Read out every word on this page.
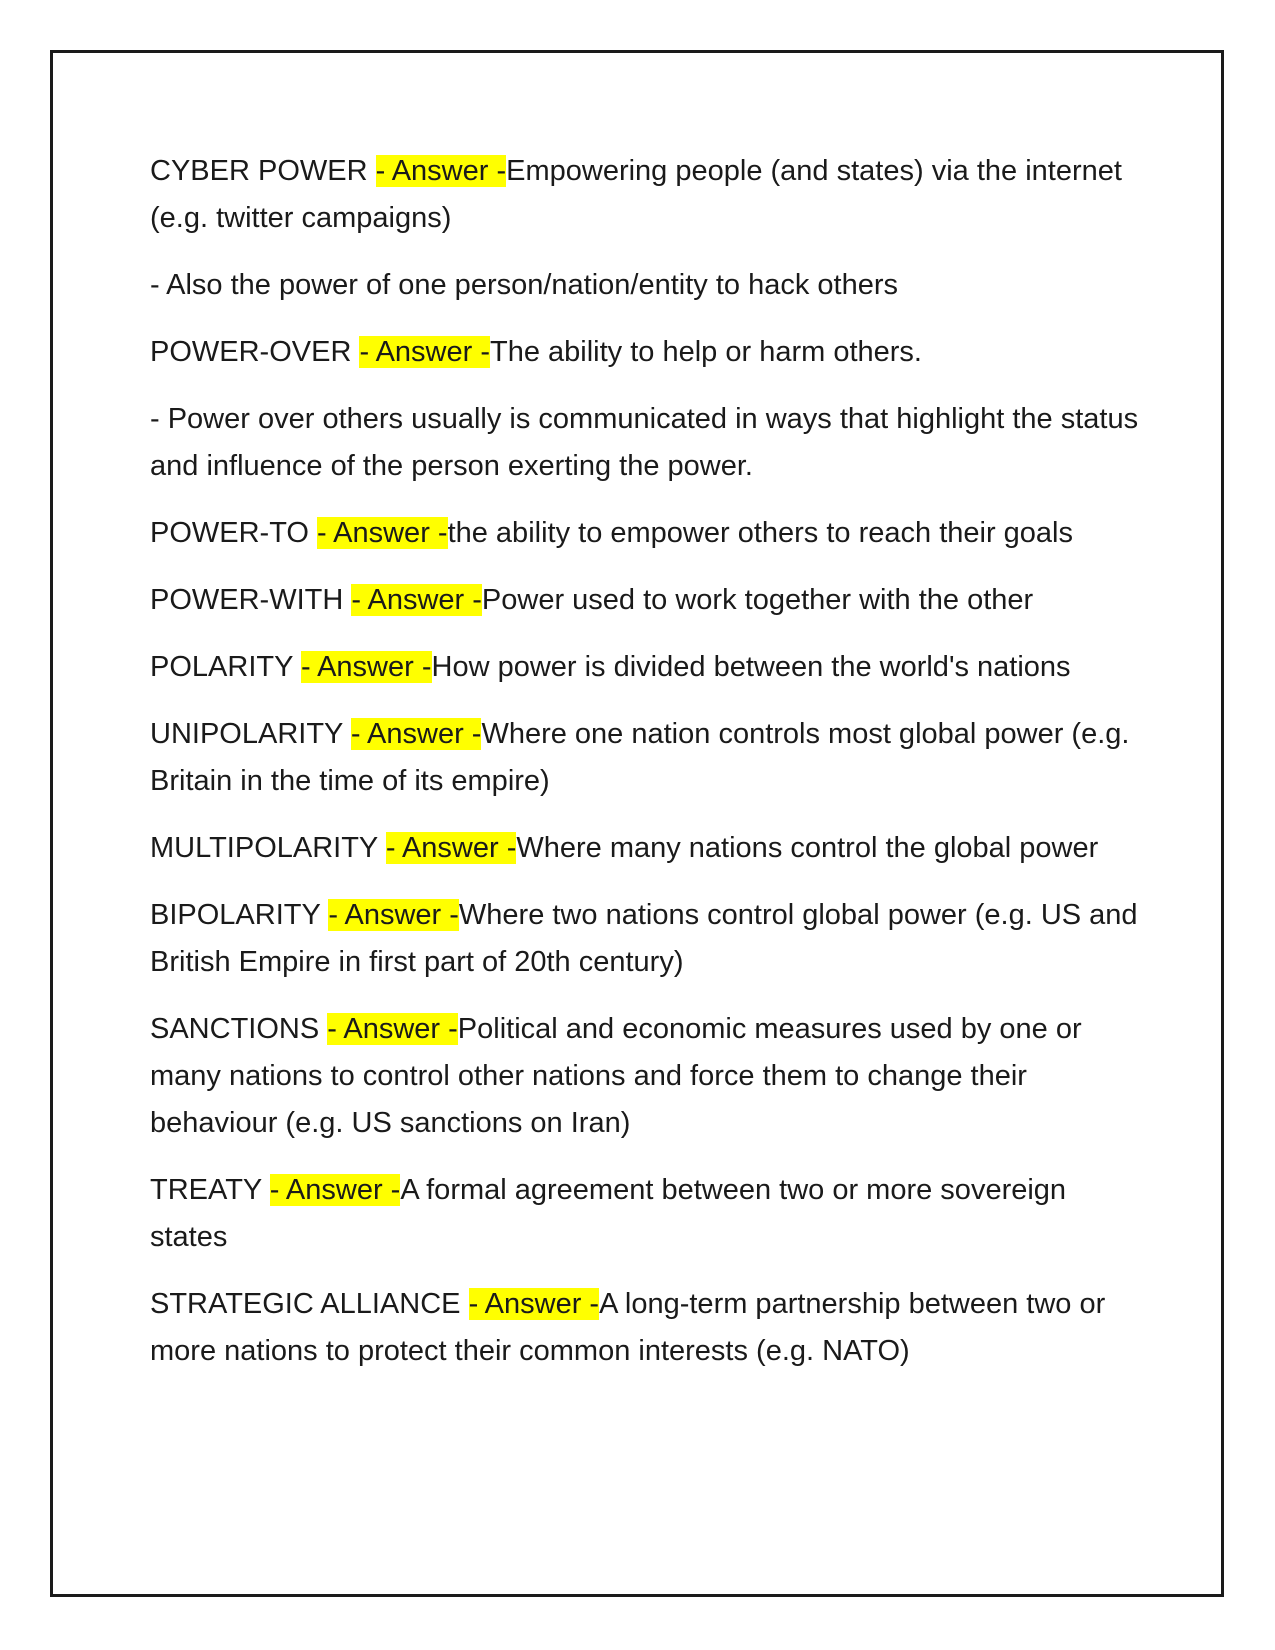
CYBER POWER - Answer -Empowering people (and states) via the internet (e.g. twitter campaigns)

- Also the power of one person/nation/entity to hack others

POWER-OVER - Answer -The ability to help or harm others.

- Power over others usually is communicated in ways that highlight the status and influence of the person exerting the power.

POWER-TO - Answer -the ability to empower others to reach their goals

POWER-WITH - Answer -Power used to work together with the other

POLARITY - Answer -How power is divided between the world's nations

UNIPOLARITY - Answer -Where one nation controls most global power (e.g. Britain in the time of its empire)

MULTIPOLARITY - Answer -Where many nations control the global power

BIPOLARITY - Answer -Where two nations control global power (e.g. US and British Empire in first part of 20th century)

SANCTIONS - Answer -Political and economic measures used by one or many nations to control other nations and force them to change their behaviour (e.g. US sanctions on Iran)

TREATY - Answer -A formal agreement between two or more sovereign states

STRATEGIC ALLIANCE - Answer -A long-term partnership between two or more nations to protect their common interests (e.g. NATO)
